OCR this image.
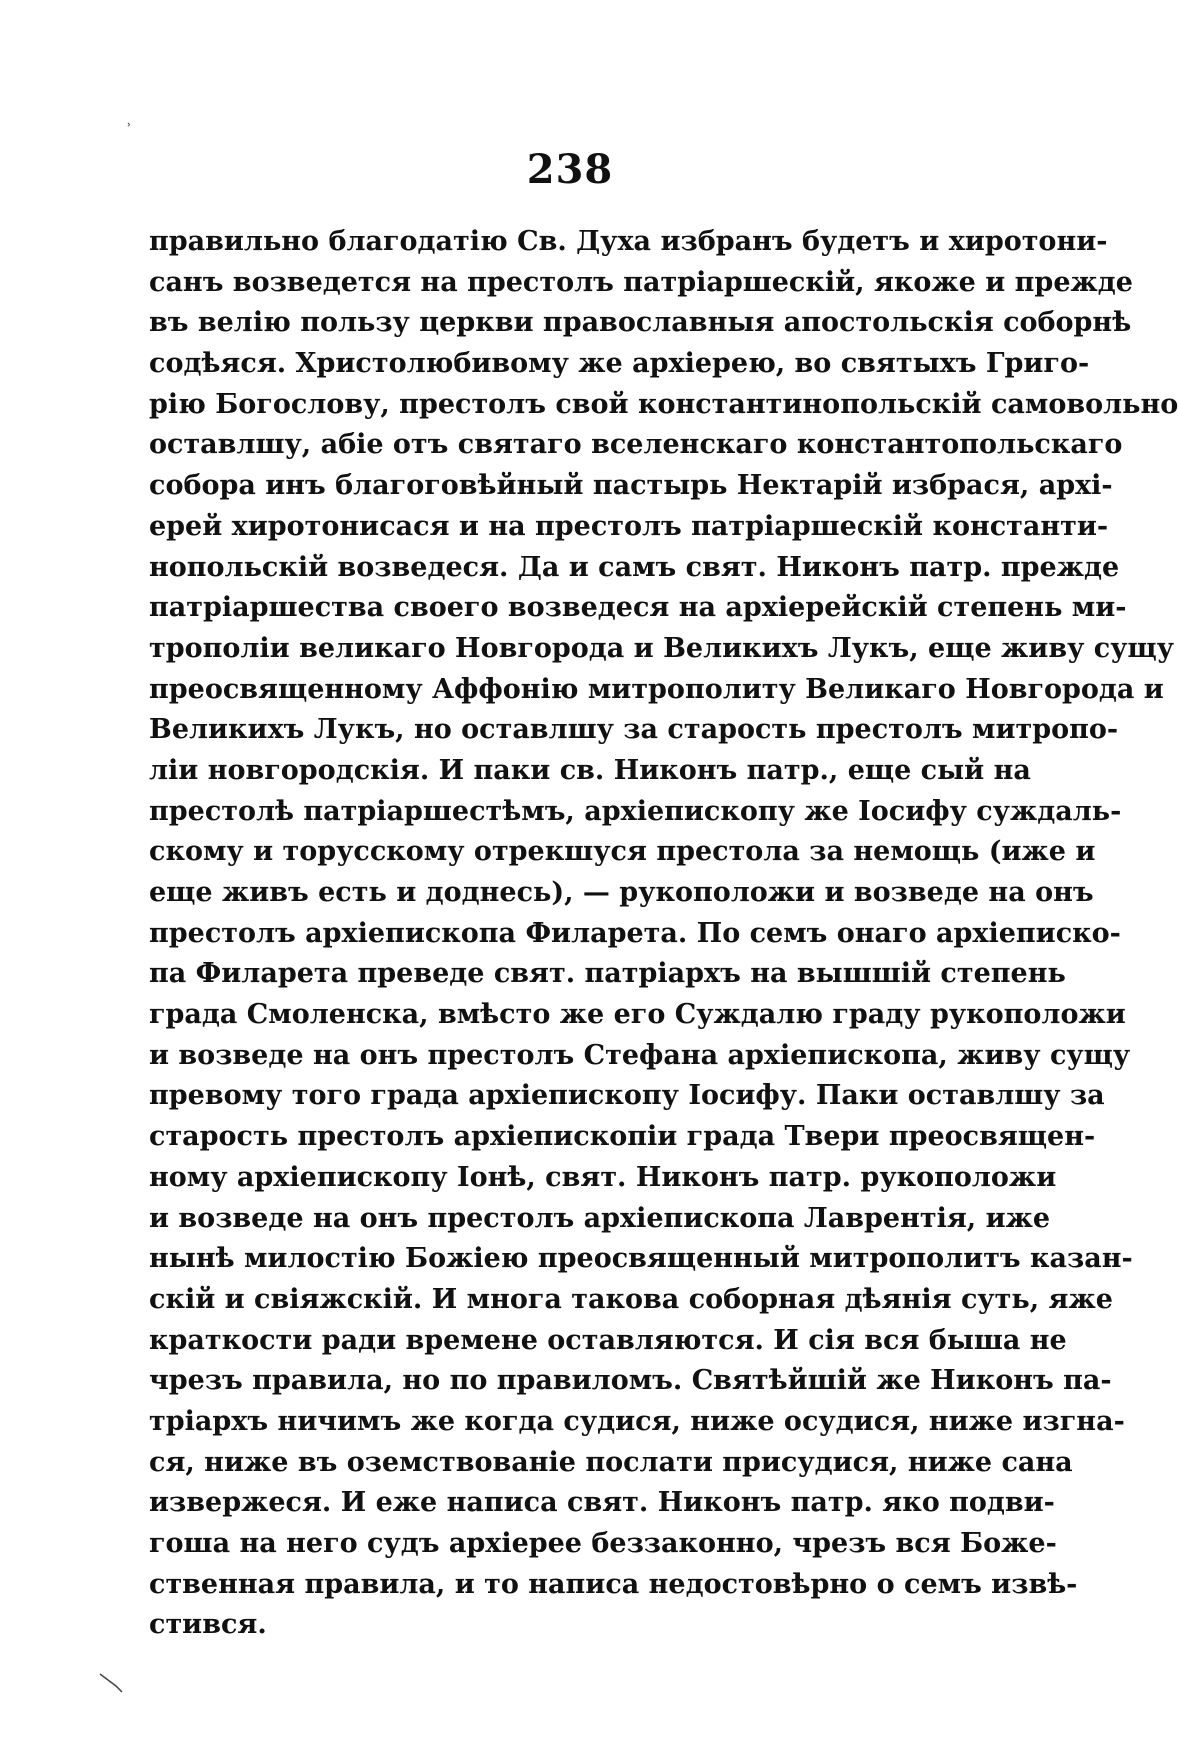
˒
238
правильно благодатію Св. Духа избранъ будетъ и хиротони-
санъ возведется на престолъ патріаршескій, якоже и прежде
въ велію пользу церкви православныя апостольскія соборнѣ
содѣяся. Христолюбивому же архіерею, во святыхъ Григо-
рію Богослову, престолъ свой константинопольскій самовольно
оставлшу, абіе отъ святаго вселенскаго константопольскаго
собора инъ благоговѣйный пастырь Нектарій избрася, архі-
ерей хиротонисася и на престолъ патріаршескій константи-
нопольскій возведеся. Да и самъ свят. Никонъ патр. прежде
патріаршества своего возведеся на архіерейскій степень ми-
трополіи великаго Новгорода и Великихъ Лукъ, еще живу сущу
преосвященному Аффонію митрополиту Великаго Новгорода и
Великихъ Лукъ, но оставлшу за старость престолъ митропо-
ліи новгородскія. И паки св. Никонъ патр., еще сый на
престолѣ патріаршестѣмъ, архіепископу же Іосифу суждаль-
скому и торусскому отрекшуся престола за немощь (иже и
еще живъ есть и доднесь), — рукоположи и возведе на онъ
престолъ архіепископа Филарета. По семъ онаго архіеписко-
па Филарета преведе свят. патріархъ на вышшій степень
града Смоленска, вмѣсто же его Суждалю граду рукоположи
и возведе на онъ престолъ Стефана архіепископа, живу сущу
превому того града архіепископу Іосифу. Паки оставлшу за
старость престолъ архіепископіи града Твери преосвящен-
ному архіепископу Іонѣ, свят. Никонъ патр. рукоположи
и возведе на онъ престолъ архіепископа Лаврентія, иже
нынѣ милостію Божіею преосвященный митрополитъ казан-
скій и свіяжскій. И многа такова соборная дѣянія суть, яже
краткости ради времене оставляются. И сія вся быша не
чрезъ правила, но по правиломъ. Святѣйшій же Никонъ па-
тріархъ ничимъ же когда судися, ниже осудися, ниже изгна-
ся, ниже въ оземствованіе послати присудися, ниже сана
извержеся. И еже написа свят. Никонъ патр. яко подви-
гоша на него судъ архіерее беззаконно, чрезъ вся Боже-
ственная правила, и то написа недостовѣрно о семъ извѣ-
стився.
